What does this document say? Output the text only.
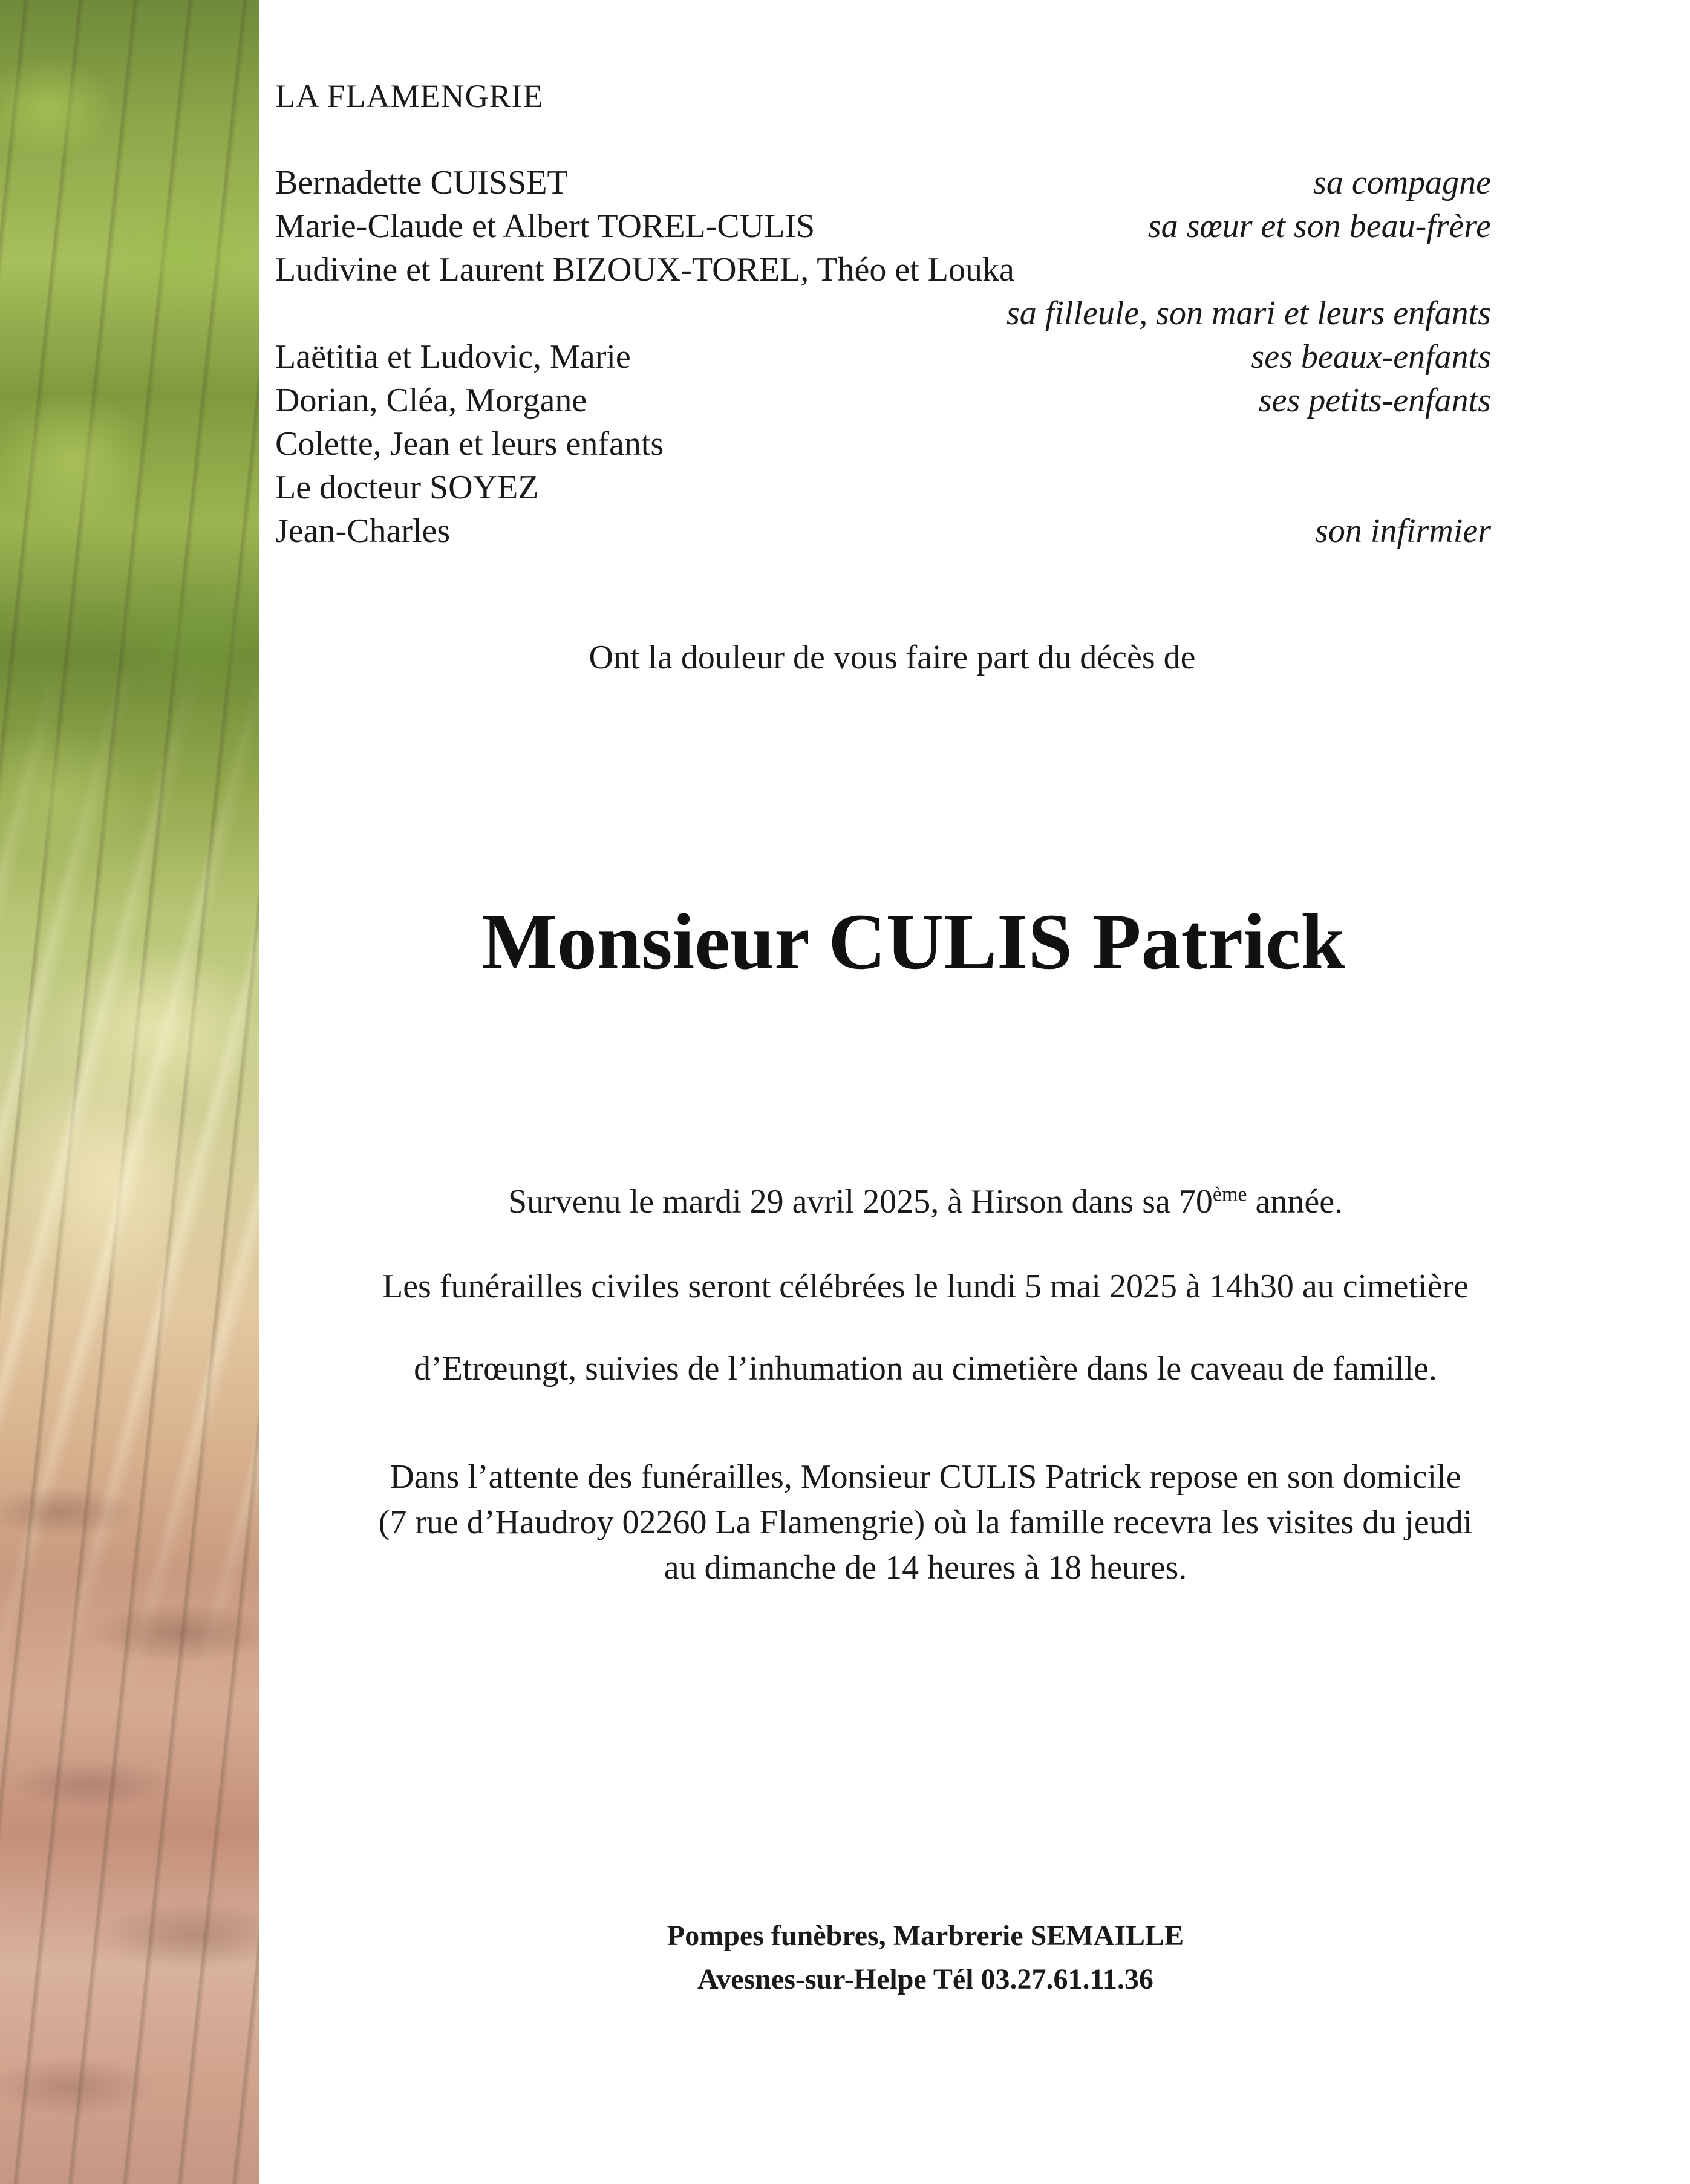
LA FLAMENGRIE
Bernadette CUISSET	sa compagne
Marie-Claude et Albert TOREL-CULIS	sa sœur et son beau-frère
Ludivine et Laurent BIZOUX-TOREL, Théo et Louka
sa filleule, son mari et leurs enfants
Laëtitia et Ludovic, Marie	ses beaux-enfants
Dorian, Cléa, Morgane	ses petits-enfants
Colette, Jean et leurs enfants
Le docteur SOYEZ
Jean-Charles	son infirmier
Ont la douleur de vous faire part du décès de
Monsieur CULIS Patrick

Survenu le mardi 29 avril 2025, à Hirson dans sa 70ème année.

Les funérailles civiles seront célébrées le lundi 5 mai 2025 à 14h30 au cimetière

d’Etrœungt, suivies de l’inhumation au cimetière dans le caveau de famille.

Dans l’attente des funérailles, Monsieur CULIS Patrick repose en son domicile

(7 rue d’Haudroy 02260 La Flamengrie) où la famille recevra les visites du jeudi

au dimanche de 14 heures à 18 heures.

Pompes funèbres, Marbrerie SEMAILLE
Avesnes-sur-Helpe Tél 03.27.61.11.36
